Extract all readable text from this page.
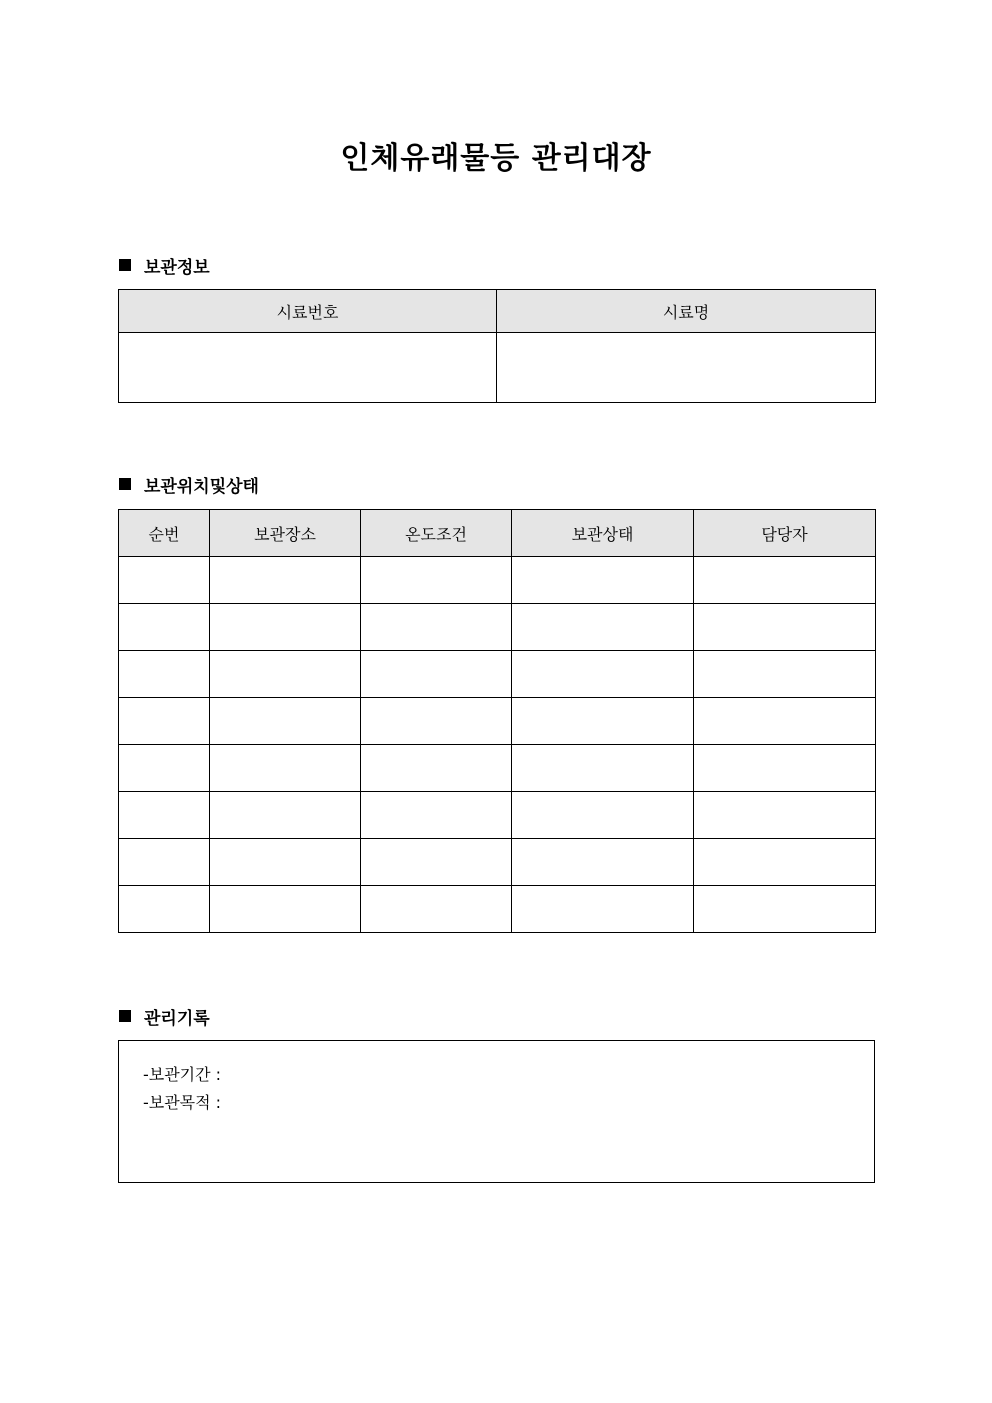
인체유래물등 관리대장
보관정보
시료번호	시료명

보관위치및상태
순번	보관장소	온도조건	보관상태	담당자

관리기록
-보관기간 :
-보관목적 :
